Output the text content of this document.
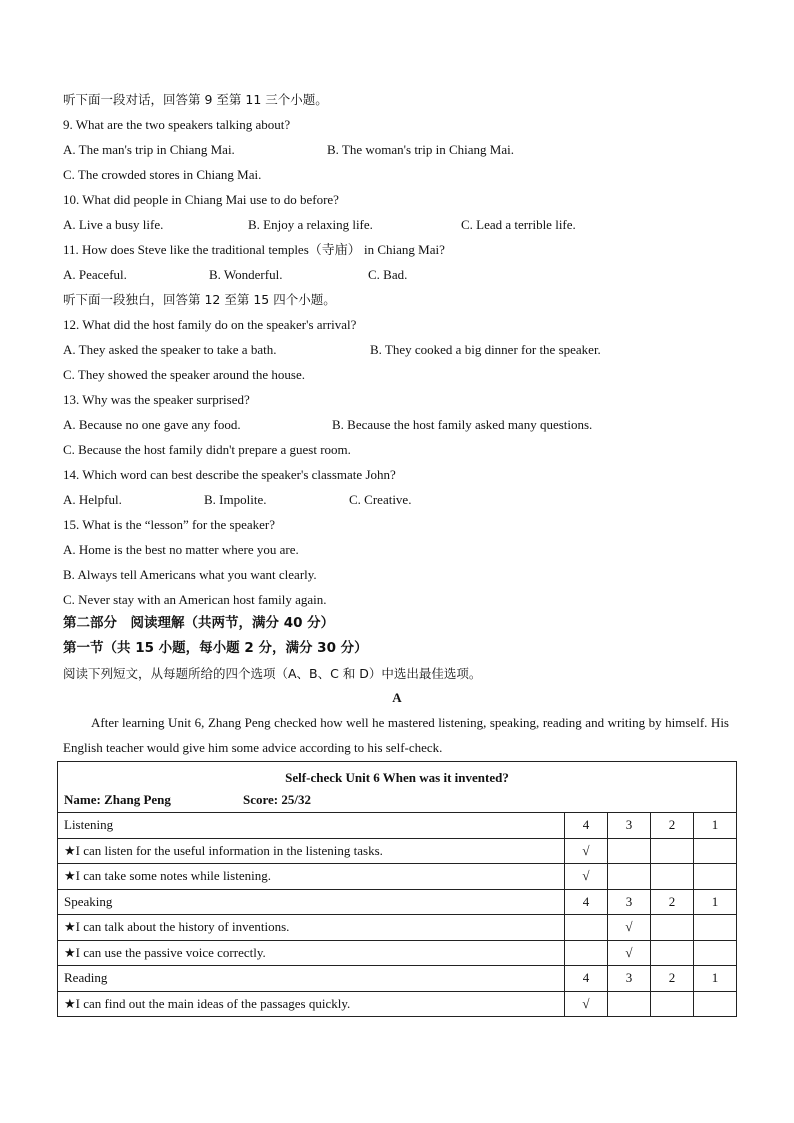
听下面一段对话，回答第 9 至第 11 三个小题。
9. What are the two speakers talking about?
A. The man's trip in Chiang Mai.	B. The woman's trip in Chiang Mai.
C. The crowded stores in Chiang Mai.
10. What did people in Chiang Mai use to do before?
A. Live a busy life.	B. Enjoy a relaxing life.	C. Lead a terrible life.
11. How does Steve like the traditional temples（寺庙） in Chiang Mai?
A. Peaceful.	B. Wonderful.	C. Bad.
听下面一段独白，回答第 12 至第 15 四个小题。
12. What did the host family do on the speaker's arrival?
A. They asked the speaker to take a bath.	B. They cooked a big dinner for the speaker.
C. They showed the speaker around the house.
13. Why was the speaker surprised?
A. Because no one gave any food.	B. Because the host family asked many questions.
C. Because the host family didn't prepare a guest room.
14. Which word can best describe the speaker's classmate John?
A. Helpful.	B. Impolite.	C. Creative.
15. What is the “lesson” for the speaker?
A. Home is the best no matter where you are.
B. Always tell Americans what you want clearly.
C. Never stay with an American host family again.
第二部分　阅读理解（共两节，满分 40 分）
第一节（共 15 小题，每小题 2 分，满分 30 分）
阅读下列短文，从每题所给的四个选项（A、B、C 和 D）中选出最佳选项。
A
After learning Unit 6, Zhang Peng checked how well he mastered listening, speaking, reading and writing by himself. His English teacher would give him some advice according to his self-check.
Self-check Unit 6 When was it invented?
Name: Zhang Peng Score: 25/32				

Listening	4	3	2	1
★I can listen for the useful information in the listening tasks.	√			
★I can take some notes while listening.	√			
Speaking	4	3	2	1
★I can talk about the history of inventions.		√		
★I can use the passive voice correctly.		√		
Reading	4	3	2	1
★I can find out the main ideas of the passages quickly.	√			
